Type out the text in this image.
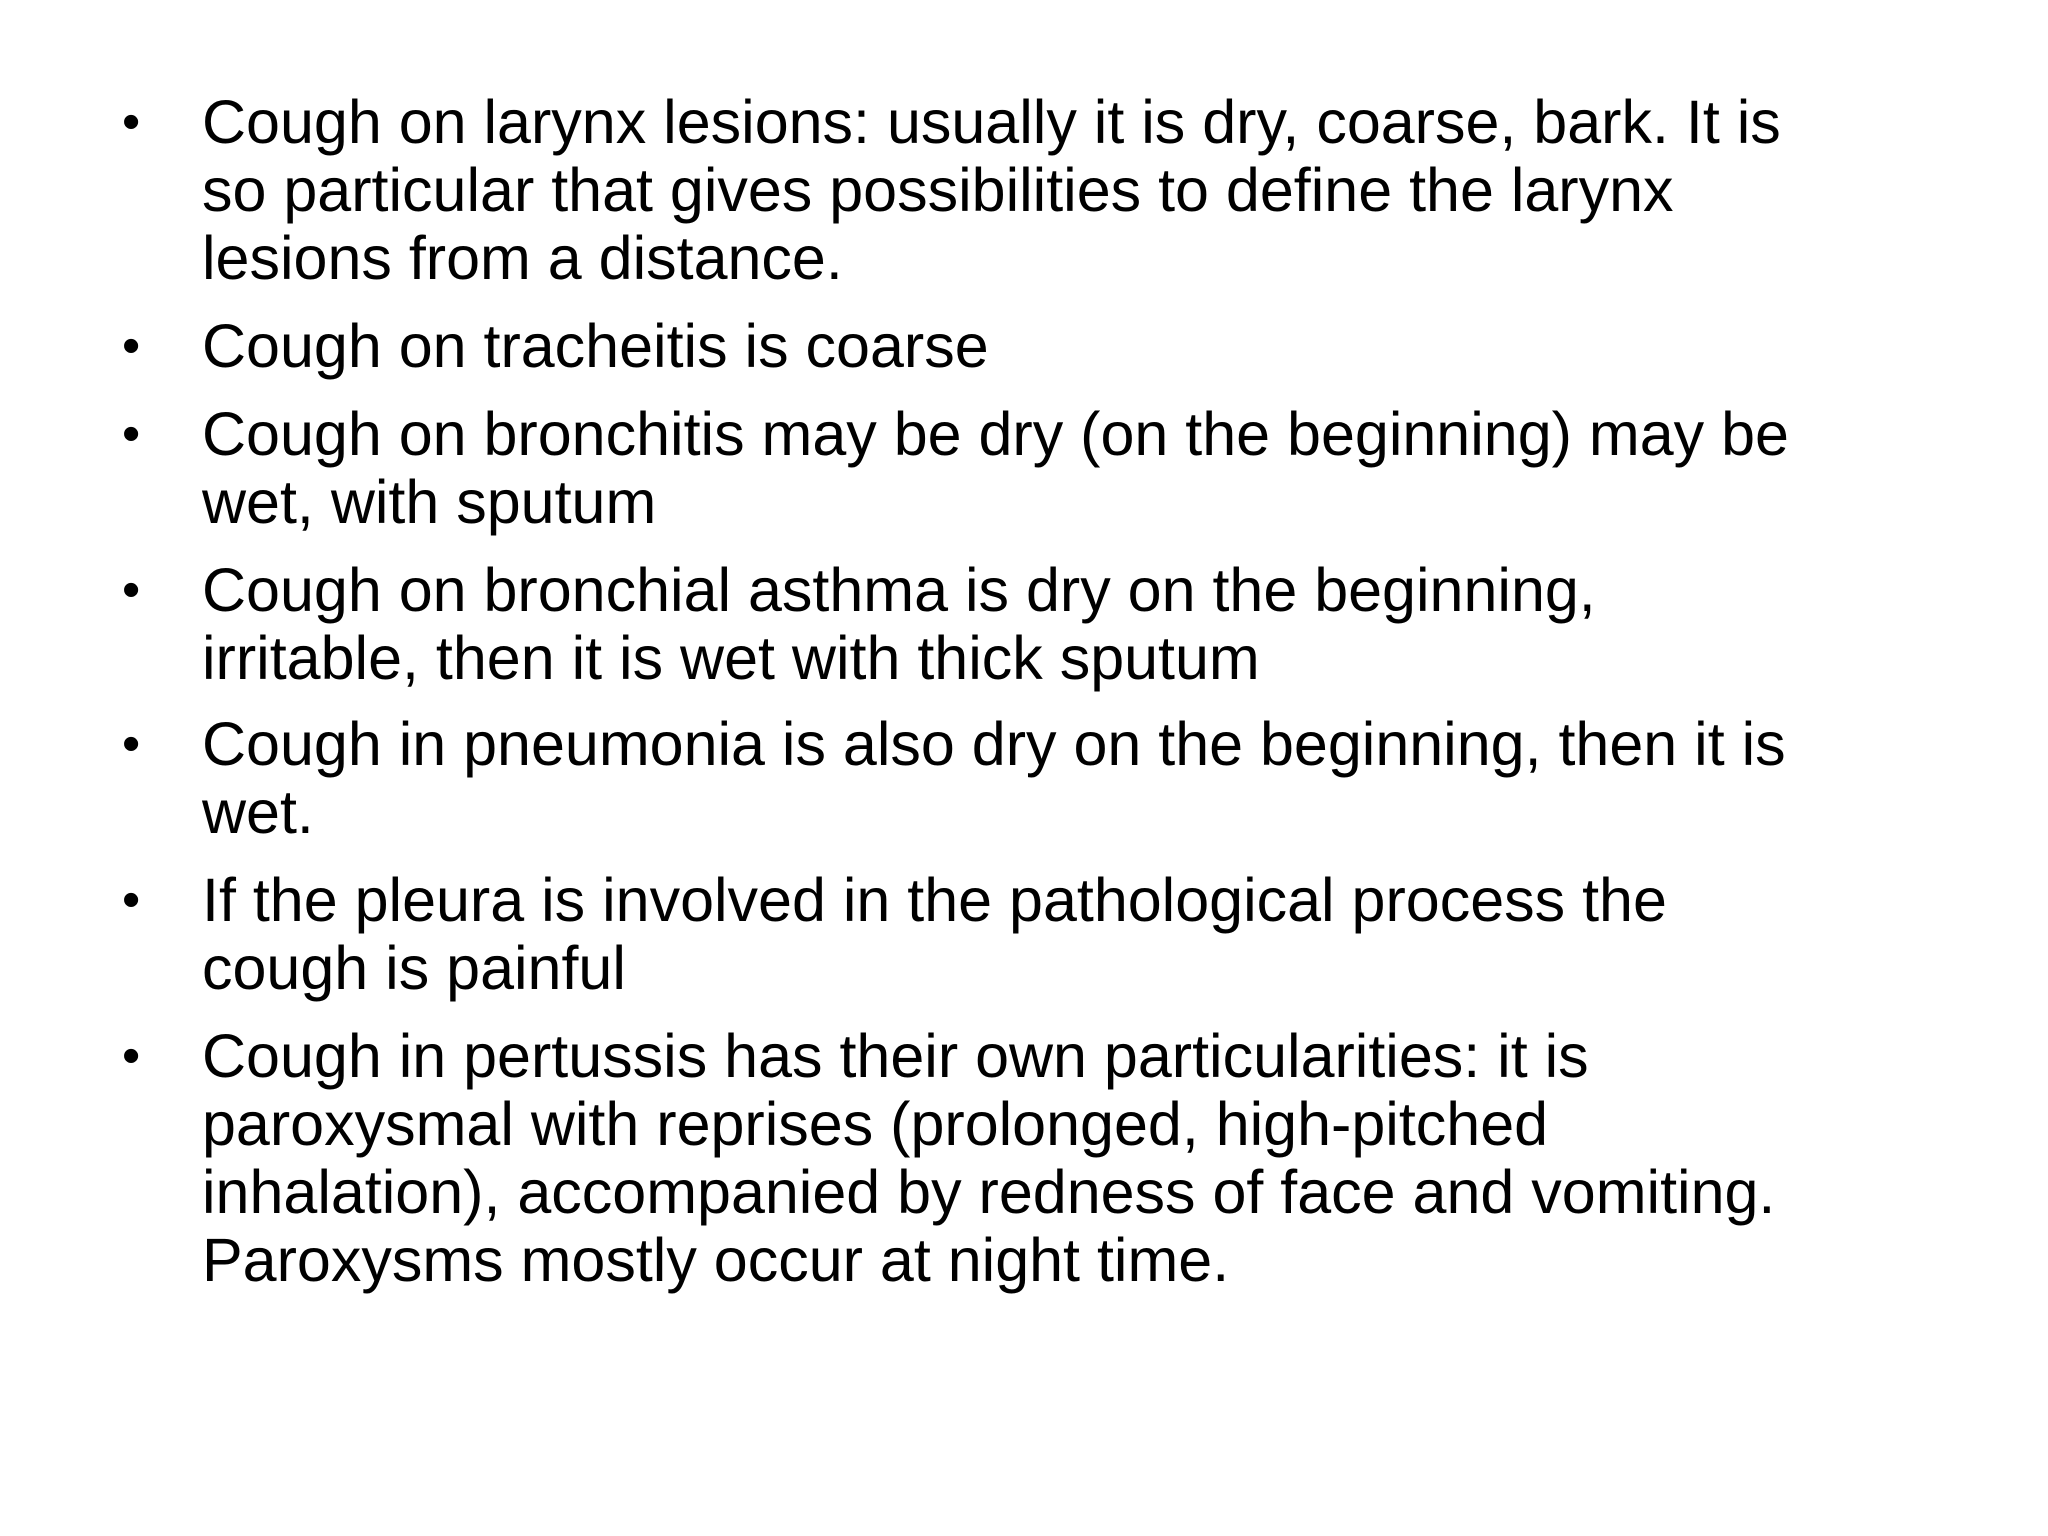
• Cough on larynx lesions: usually it is dry, coarse, bark. It is
so particular that gives possibilities to define the larynx
lesions from a distance.
• Cough on tracheitis is coarse
• Cough on bronchitis may be dry (on the beginning) may be
wet, with sputum
• Cough on bronchial asthma is dry on the beginning,
irritable, then it is wet with thick sputum
• Cough in pneumonia is also dry on the beginning, then it is
wet.
• If the pleura is involved in the pathological process the
cough is painful
• Cough in pertussis has their own particularities: it is
paroxysmal with reprises (prolonged, high-pitched
inhalation), accompanied by redness of face and vomiting.
Paroxysms mostly occur at night time.
